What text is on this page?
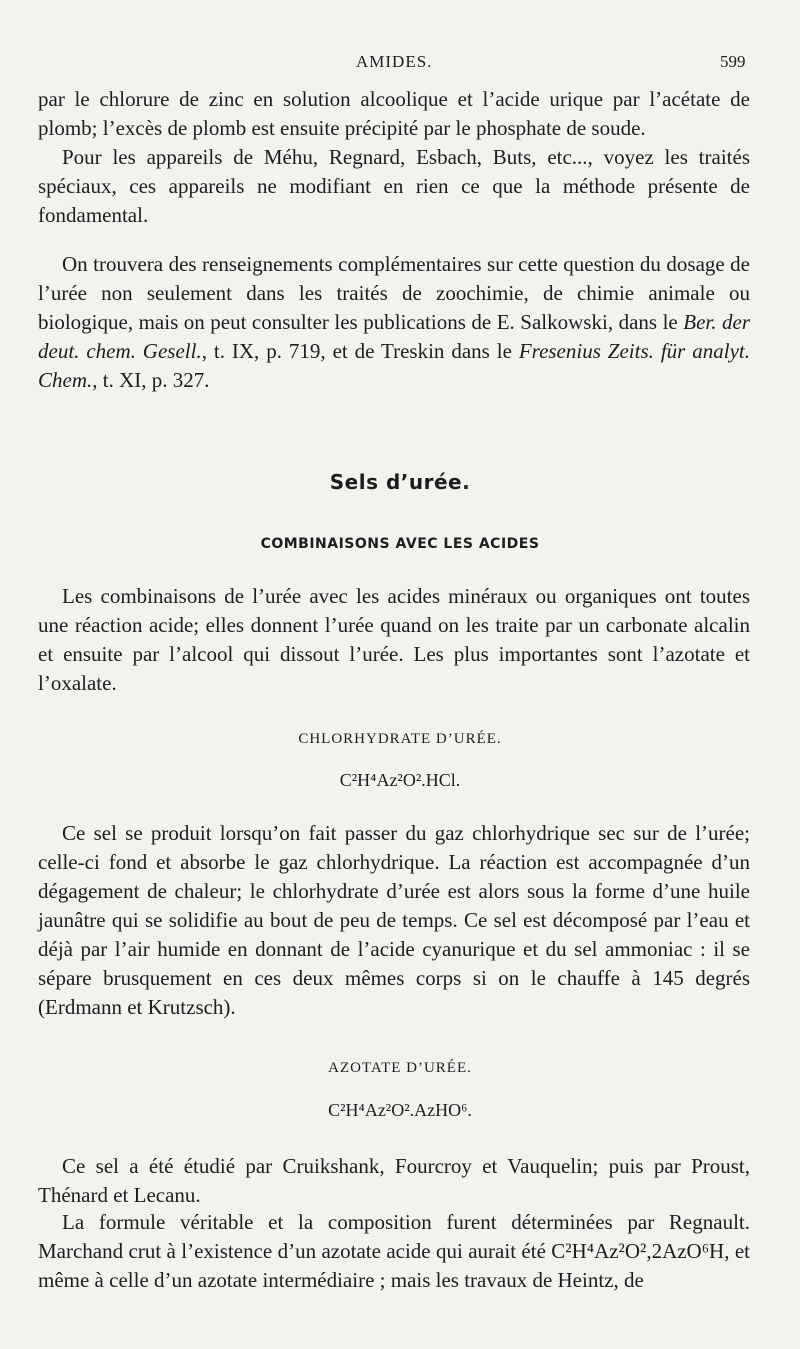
AMIDES.	599

par le chlorure de zinc en solution alcoolique et l’acide urique par l’acétate de plomb; l’excès de plomb est ensuite précipité par le phosphate de soude.

Pour les appareils de Méhu, Regnard, Esbach, Buts, etc..., voyez les traités spéciaux, ces appareils ne modifiant en rien ce que la méthode présente de fondamental.

On trouvera des renseignements complémentaires sur cette question du dosage de l’urée non seulement dans les traités de zoochimie, de chimie animale ou biologique, mais on peut consulter les publications de E. Salkowski, dans le Ber. der deut. chem. Gesell., t. IX, p. 719, et de Treskin dans le Fresenius Zeits. für analyt. Chem., t. XI, p. 327.

Sels d’urée.

COMBINAISONS AVEC LES ACIDES

Les combinaisons de l’urée avec les acides minéraux ou organiques ont toutes une réaction acide; elles donnent l’urée quand on les traite par un carbonate alcalin et ensuite par l’alcool qui dissout l’urée. Les plus importantes sont l’azotate et l’oxalate.

CHLORHYDRATE D’URÉE.

C²H⁴Az²O².HCl.

Ce sel se produit lorsqu’on fait passer du gaz chlorhydrique sec sur de l’urée; celle-ci fond et absorbe le gaz chlorhydrique. La réaction est accompagnée d’un dégagement de chaleur; le chlorhydrate d’urée est alors sous la forme d’une huile jaunâtre qui se solidifie au bout de peu de temps. Ce sel est décomposé par l’eau et déjà par l’air humide en donnant de l’acide cyanurique et du sel ammoniac : il se sépare brusquement en ces deux mêmes corps si on le chauffe à 145 degrés (Erdmann et Krutzsch).

AZOTATE D’URÉE.

C²H⁴Az²O².AzHO⁶.

Ce sel a été étudié par Cruikshank, Fourcroy et Vauquelin; puis par Proust, Thénard et Lecanu.

La formule véritable et la composition furent déterminées par Regnault. Marchand crut à l’existence d’un azotate acide qui aurait été C²H⁴Az²O²,2AzO⁶H, et même à celle d’un azotate intermédiaire ; mais les travaux de Heintz, de
